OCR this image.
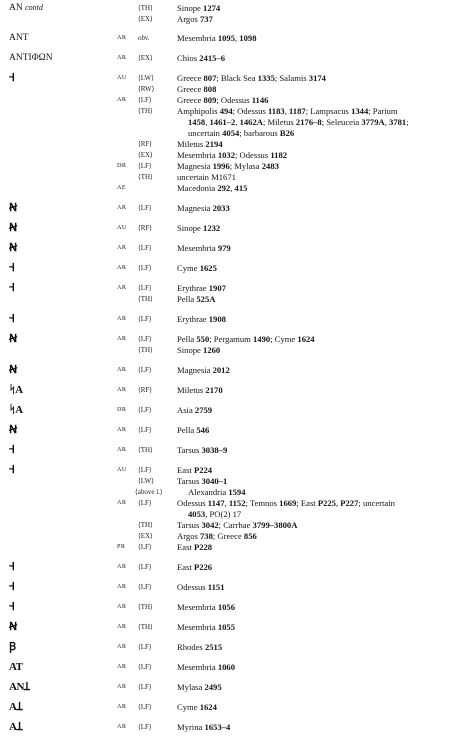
AN contd	⟨TH⟩	Sinope 1274
⟨EX⟩	Argos 737
ANT	AR obv.	Mesembria 1095, 1098
ANTIΦΩN	AR ⟨EX⟩	Chios 2415–6
Ꟶ	AU ⟨LW⟩	Greece 807; Black Sea 1335; Salamis 3174
⟨RW⟩	Greece 808
AR ⟨LF⟩	Greece 809; Odessus 1146
⟨TH⟩	Amphipolis 494; Odessus 1183, 1187; Lampsacus 1344; Parium
1458, 1461–2, 1462A; Miletus 2176–8; Seleuceia 3779A, 3781;
uncertain 4054; barbarous B26
⟨RF⟩	Miletus 2194
⟨EX⟩	Mesembria 1032; Odessus 1182
DR ⟨LF⟩	Magnesia 1996; Mylasa 2483
⟨TH⟩	uncertain M1671
AE	Macedonia 292, 415
Ꞥ	AR ⟨LF⟩	Magnesia 2033
Ꞥ	AU ⟨RF⟩	Sinope 1232
Ꞥ	AR ⟨LF⟩	Mesembria 979
Ꟶ	AR ⟨LF⟩	Cyme 1625
Ꟶ	AR ⟨LF⟩	Erythrae 1907
⟨TH⟩	Pella 525A
Ꟶ	AR ⟨LF⟩	Erythrae 1908
Ꞥ	AR ⟨LF⟩	Pella 550; Pergamum 1490; Cyme 1624
⟨TH⟩	Sinope 1260
Ꞥ	AR ⟨LF⟩	Magnesia 2012
ᛋA	AR ⟨RF⟩	Miletus 2170
ᛋA	DR ⟨LF⟩	Asia 2759
Ꞥ	AR ⟨LF⟩	Pella 546
Ꟶ	AR ⟨TH⟩	Tarsus 3038–9
Ꟶ	AU ⟨LF⟩	East P224
⟨LW⟩	Tarsus 3040–1
⟨above l.⟩	Alexandria 1594
AR ⟨LF⟩	Odessus 1147, 1152; Temnos 1669; East P225, P227; uncertain
4053, PO(2) 17
⟨TH⟩	Tarsus 3042; Carrhae 3799–3800A
⟨EX⟩	Argos 738; Greece 856
PR ⟨LF⟩	East P228
Ꟶ	AR ⟨LF⟩	East P226
Ꟶ	AR ⟨LF⟩	Odessus 1151
Ꟶ	AR ⟨TH⟩	Mesembria 1056
Ꞥ	AR ⟨TH⟩	Mesembria 1055
Ꞵ	AR ⟨LF⟩	Rhodes 2515
AT	AR ⟨LF⟩	Mesembria 1060
ANꞱ	AR ⟨LF⟩	Mylasa 2495
AꞱ	AR ⟨LF⟩	Cyme 1624
AꞱ	AR ⟨LF⟩	Myrina 1653–4
